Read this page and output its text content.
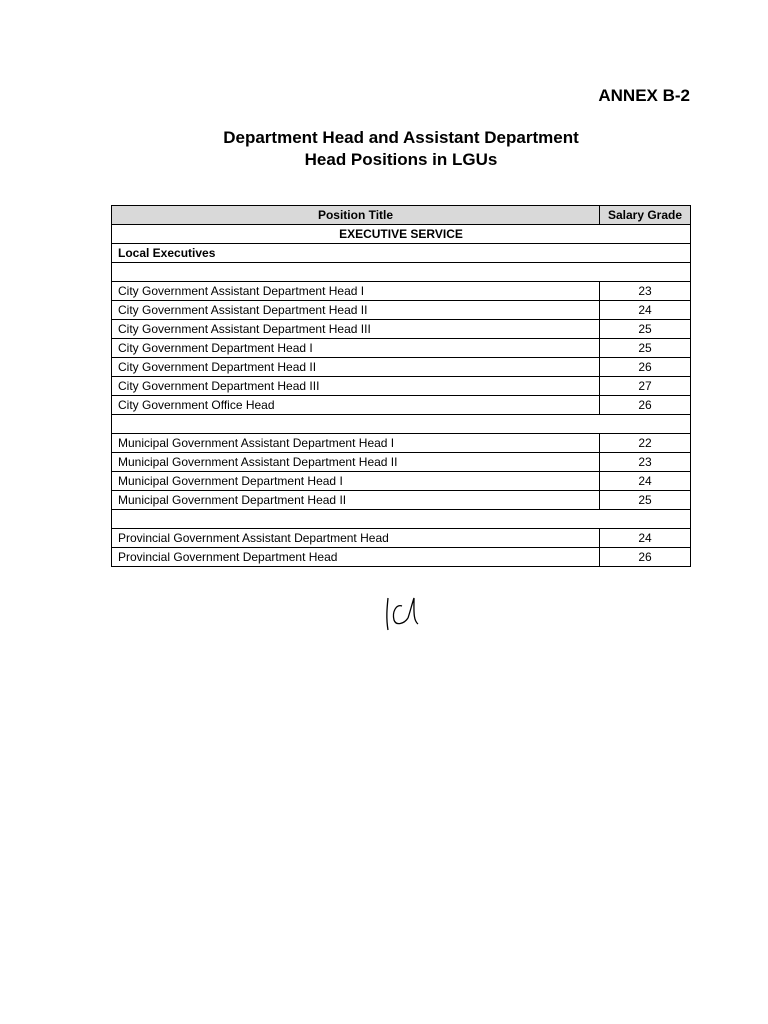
ANNEX B-2
Department Head and Assistant Department
Head Positions in LGUs
Position Title	Salary Grade
EXECUTIVE SERVICE	
Local Executives	

City Government Assistant Department Head I	23
City Government Assistant Department Head II	24
City Government Assistant Department Head III	25
City Government Department Head I	25
City Government Department Head II	26
City Government Department Head III	27
City Government Office Head	26

Municipal Government Assistant Department Head I	22
Municipal Government Assistant Department Head II	23
Municipal Government Department Head I	24
Municipal Government Department Head II	25

Provincial Government Assistant Department Head	24
Provincial Government Department Head	26
